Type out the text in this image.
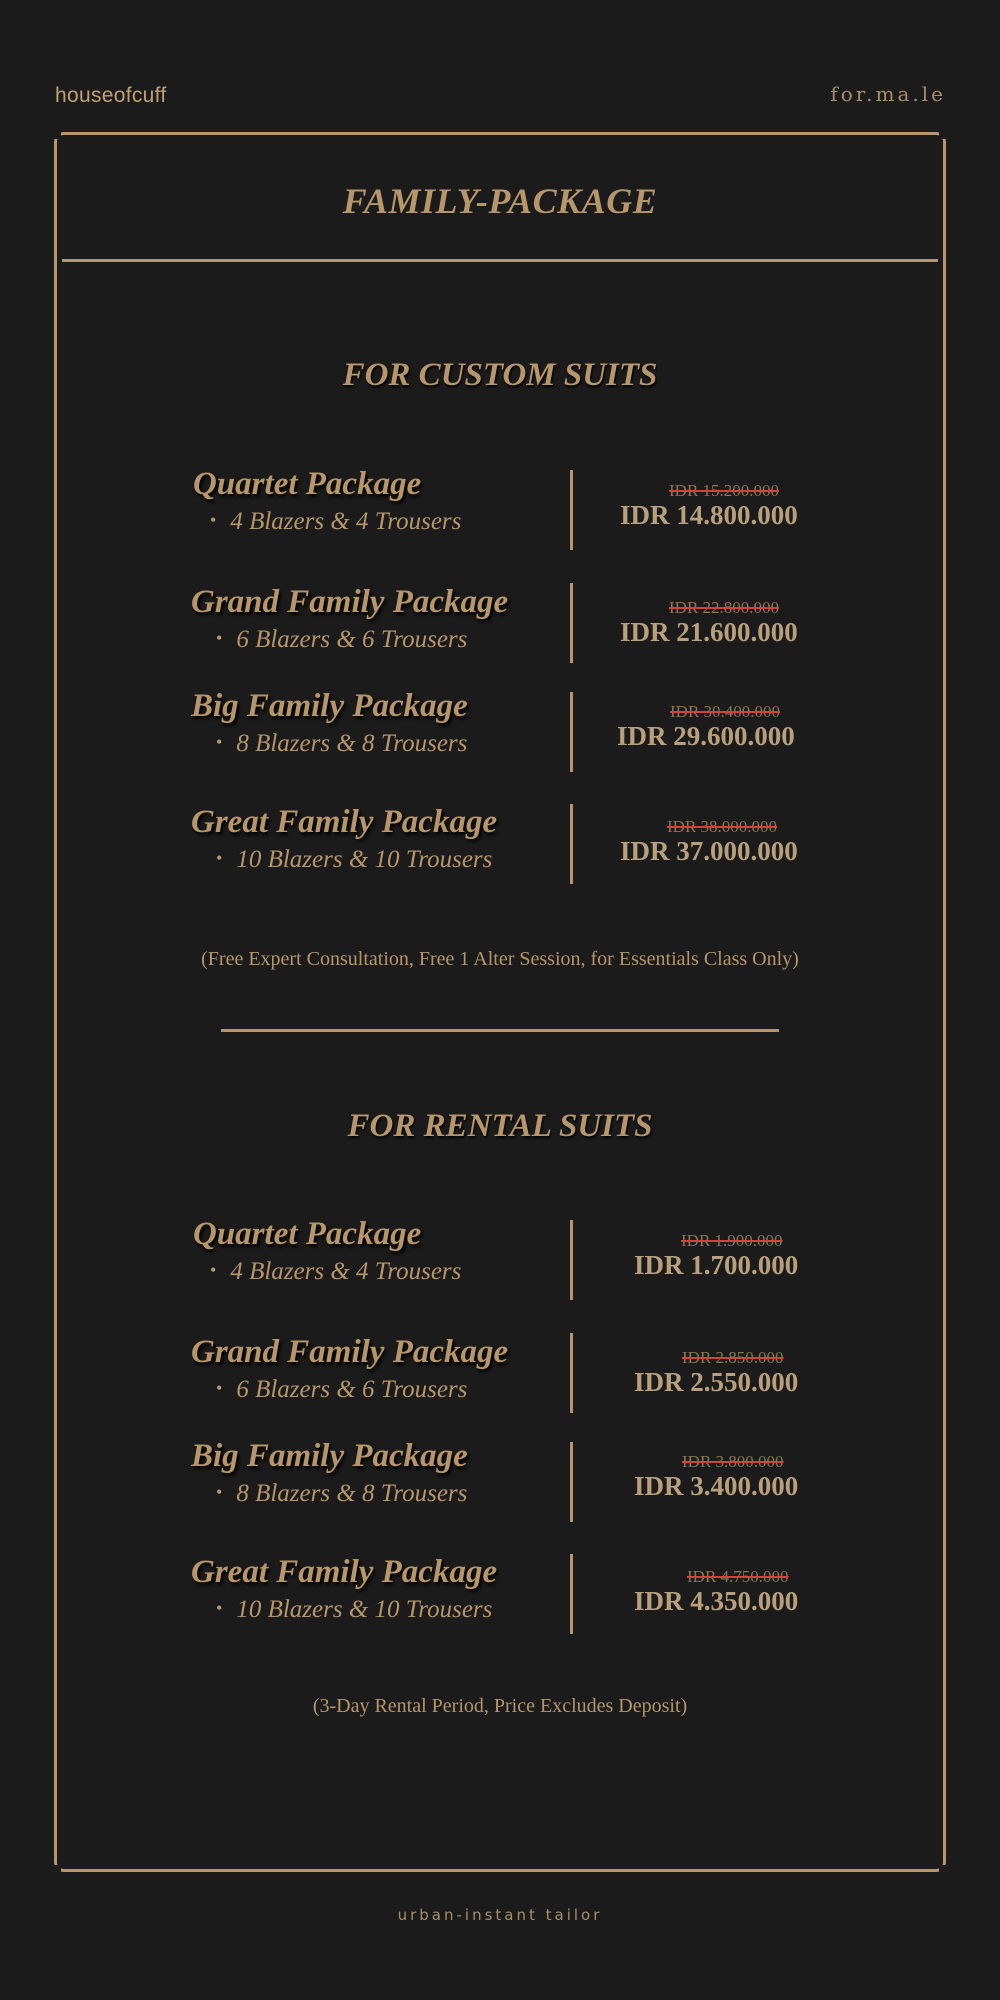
houseofcuff	for.ma.le
FAMILY-PACKAGE
FOR CUSTOM SUITS
Quartet Package
• 4 Blazers & 4 Trousers
IDR 15.200.000
IDR 14.800.000
Grand Family Package
• 6 Blazers & 6 Trousers
IDR 22.800.000
IDR 21.600.000
Big Family Package
• 8 Blazers & 8 Trousers
IDR 30.400.000
IDR 29.600.000
Great Family Package
• 10 Blazers & 10 Trousers
IDR 38.000.000
IDR 37.000.000
(Free Expert Consultation, Free 1 Alter Session, for Essentials Class Only)
FOR RENTAL SUITS
Quartet Package
• 4 Blazers & 4 Trousers
IDR 1.900.000
IDR 1.700.000
Grand Family Package
• 6 Blazers & 6 Trousers
IDR 2.850.000
IDR 2.550.000
Big Family Package
• 8 Blazers & 8 Trousers
IDR 3.800.000
IDR 3.400.000
Great Family Package
• 10 Blazers & 10 Trousers
IDR 4.750.000
IDR 4.350.000
(3-Day Rental Period, Price Excludes Deposit)
urban-instant tailor
